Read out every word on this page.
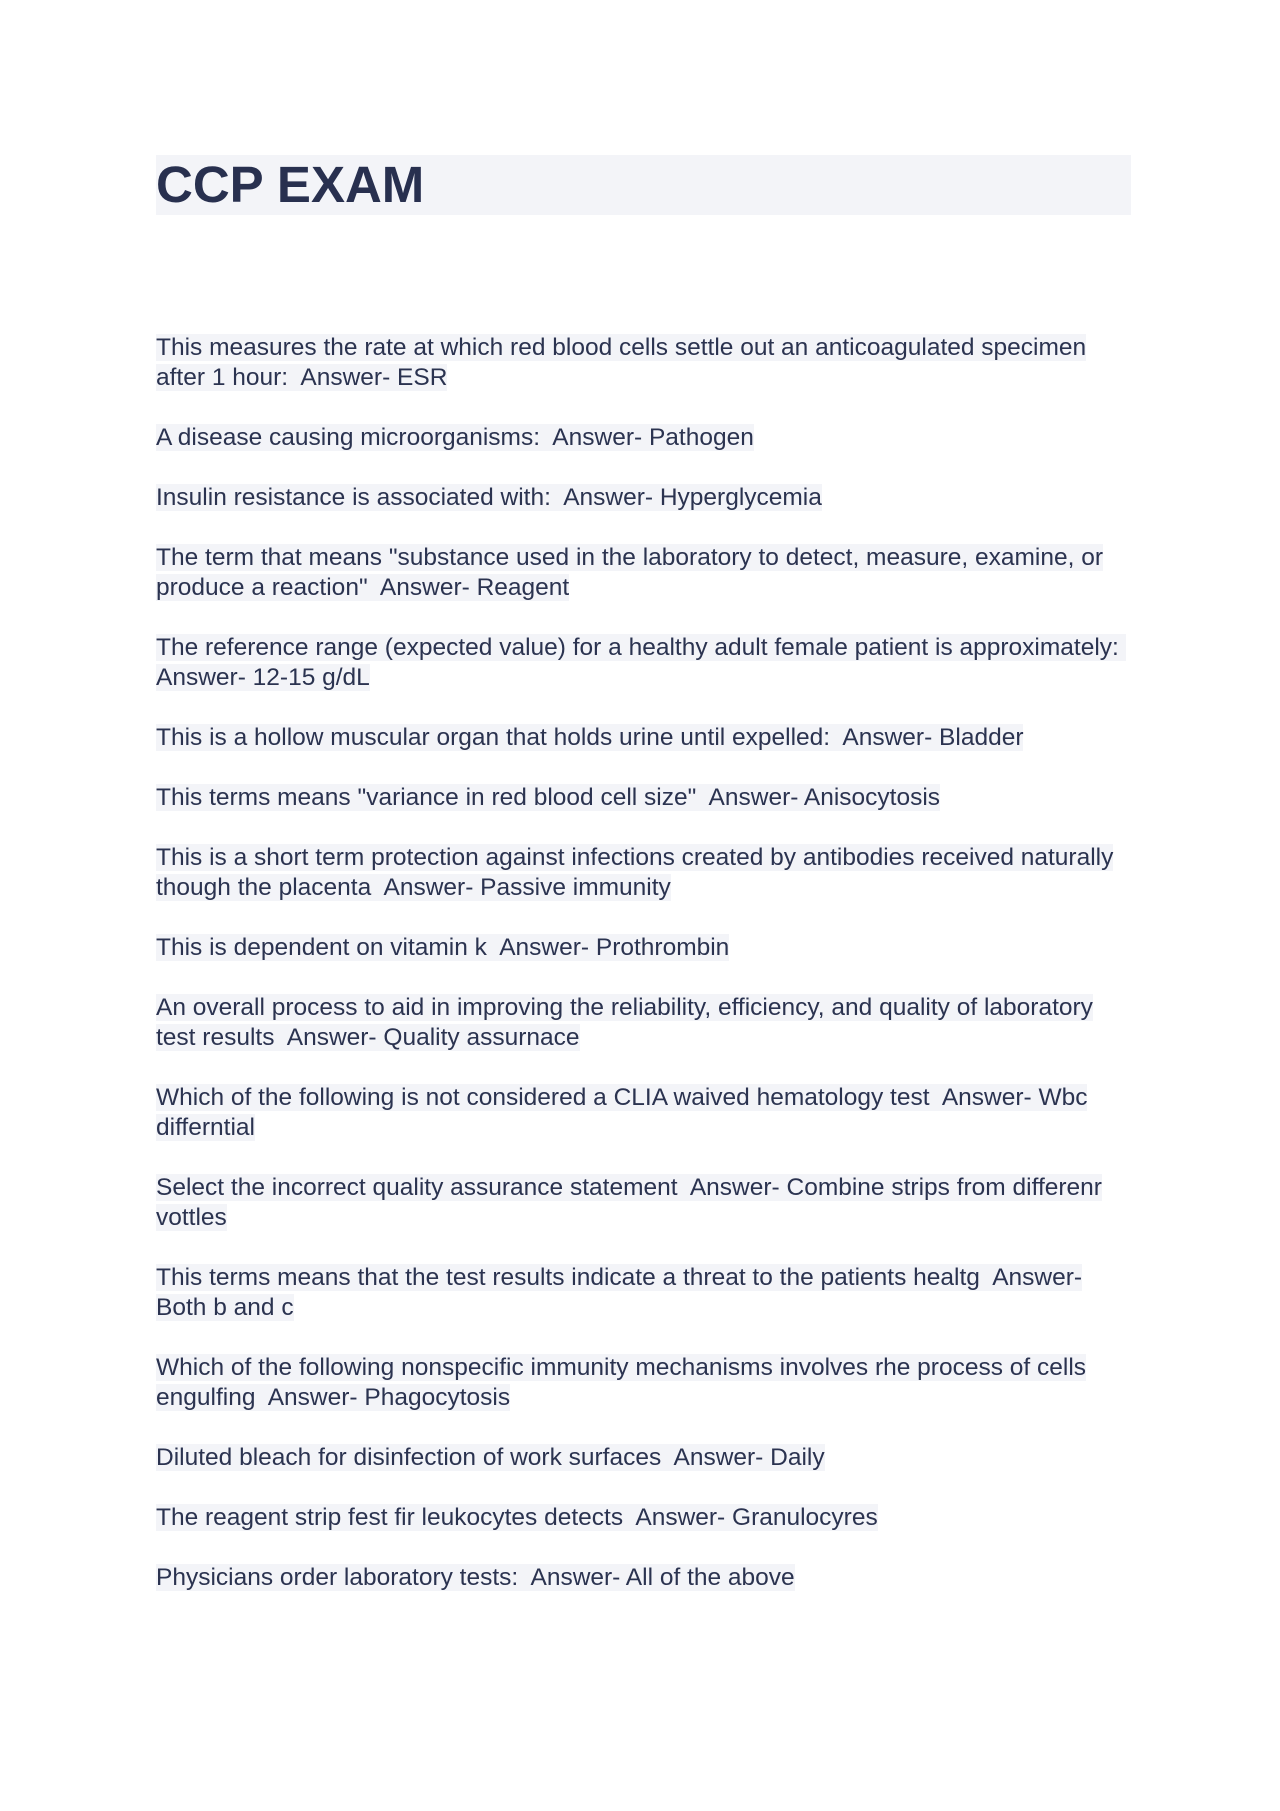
CCP EXAM
This measures the rate at which red blood cells settle out an anticoagulated specimen after 1 hour: Answer- ESR
A disease causing microorganisms: Answer- Pathogen
Insulin resistance is associated with: Answer- Hyperglycemia
The term that means "substance used in the laboratory to detect, measure, examine, or produce a reaction" Answer- Reagent
The reference range (expected value) for a healthy adult female patient is approximately:  Answer- 12-15 g/dL
This is a hollow muscular organ that holds urine until expelled: Answer- Bladder
This terms means "variance in red blood cell size" Answer- Anisocytosis
This is a short term protection against infections created by antibodies received naturally though the placenta Answer- Passive immunity
This is dependent on vitamin k Answer- Prothrombin
An overall process to aid in improving the reliability, efficiency, and quality of laboratory test results Answer- Quality assurnace
Which of the following is not considered a CLIA waived hematology test Answer- Wbc differntial
Select the incorrect quality assurance statement Answer- Combine strips from differenr vottles
This terms means that the test results indicate a threat to the patients healtg Answer- Both b and c
Which of the following nonspecific immunity mechanisms involves rhe process of cells engulfing Answer- Phagocytosis
Diluted bleach for disinfection of work surfaces Answer- Daily
The reagent strip fest fir leukocytes detects Answer- Granulocyres
Physicians order laboratory tests: Answer- All of the above
